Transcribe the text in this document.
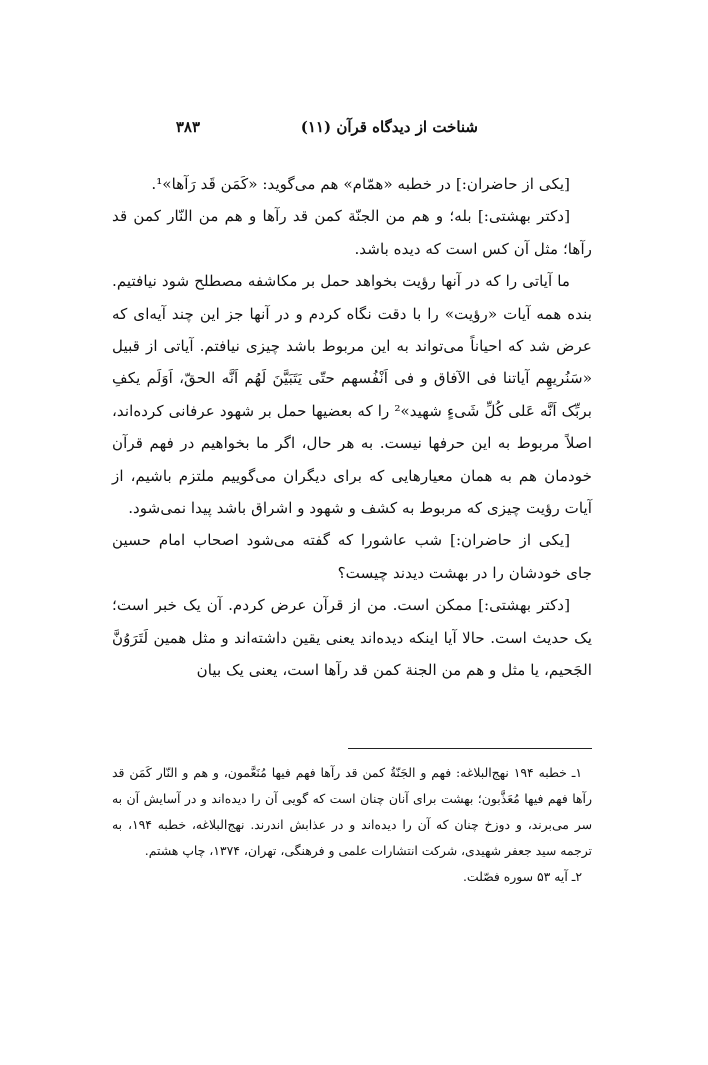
شناخت از دیدگاه قرآن (۱۱)
۳۸۳

[یکی از حاضران:] در خطبه «همّام» هم می‌گوید: «کَمَن قَد رَآها»¹.

[دکتر بهشتی:] بله؛ و هم من الجنّة کمن قد رآها و هم من النّار کمن قد رآها؛ مثل آن کس است که دیده باشد.

ما آیاتی را که در آنها رؤیت بخواهد حمل بر مکاشفه مصطلح شود نیافتیم. بنده همه آیات «رؤیت» را با دقت نگاه کردم و در آنها جز این چند آیه‌ای که عرض شد که احیاناً می‌تواند به این مربوط باشد چیزی نیافتم. آیاتی از قبیل «سَنُریهِم آیاتنا فی الآفاق و فی اَنْفُسهم حتّی یَتَبَیَّنَ لَهُم اَنَّه الحقّ، اَوَلَم یکفِ بربِّک اَنَّه عَلی کُلِّ شَیءٍ شهید»² را که بعضیها حمل بر شهود عرفانی کرده‌اند، اصلاً مربوط به این حرفها نیست. به هر حال، اگر ما بخواهیم در فهم قرآن خودمان هم به همان معیارهایی که برای دیگران می‌گوییم ملتزم باشیم، از آیات رؤیت چیزی که مربوط به کشف و شهود و اشراق باشد پیدا نمی‌شود.

[یکی از حاضران:] شب عاشورا که گفته می‌شود اصحاب امام حسین جای خودشان را در بهشت دیدند چیست؟

[دکتر بهشتی:] ممکن است. من از قرآن عرض کردم. آن یک خبر است؛ یک حدیث است. حالا آیا اینکه دیده‌اند یعنی یقین داشته‌اند و مثل همین لَتَرَوُنَّ الجَحیم، یا مثل و هم من الجنة کمن قد رآها است، یعنی یک بیان

۱ـ خطبه ۱۹۴ نهج‌البلاغه: فهم و الجَنّةُ کمن قد رآها فهم فیها مُنَعَّمون، و هم و النّار کَمَن قد رآها فهم فیها مُعَذَّبون؛ بهشت برای آنان چنان است که گویی آن را دیده‌اند و در آسایش آن به سر می‌برند، و دوزخ چنان که آن را دیده‌اند و در عذابش اندرند. نهج‌البلاغه، خطبه ۱۹۴، به ترجمه سید جعفر شهیدی، شرکت انتشارات علمی و فرهنگی، تهران، ۱۳۷۴، چاپ هشتم.

۲ـ آیه ۵۳ سوره فصّلت.
